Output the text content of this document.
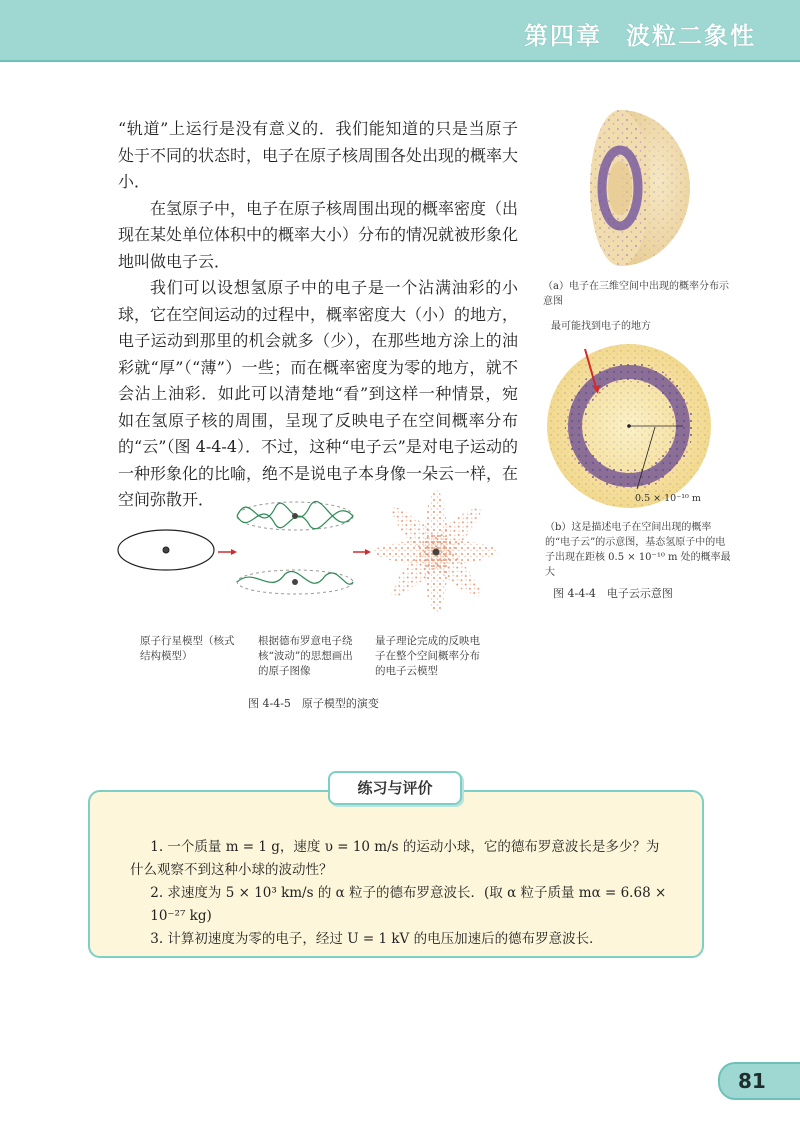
第四章 波粒二象性

“轨道”上运行是没有意义的．我们能知道的只是当原子处于不同的状态时，电子在原子核周围各处出现的概率大小．

在氢原子中，电子在原子核周围出现的概率密度（出现在某处单位体积中的概率大小）分布的情况就被形象化地叫做电子云．

我们可以设想氢原子中的电子是一个沾满油彩的小球，它在空间运动的过程中，概率密度大（小）的地方，电子运动到那里的机会就多（少），在那些地方涂上的油彩就“厚”（“薄”）一些；而在概率密度为零的地方，就不会沾上油彩．如此可以清楚地“看”到这样一种情景，宛如在氢原子核的周围，呈现了反映电子在空间概率分布的“云”（图 4-4-4）．不过，这种“电子云”是对电子运动的一种形象化的比喻，绝不是说电子本身像一朵云一样，在空间弥散开．

（a）电子在三维空间中出现的概率分布示意图
最可能找到电子的地方
0.5 × 10⁻¹⁰ m
（b）这是描述电子在空间出现的概率的“电子云”的示意图，基态氢原子中的电子出现在距核 0.5 × 10⁻¹⁰ m 处的概率最大
图 4-4-4　电子云示意图
原子行星模型（核式结构模型）
根据德布罗意电子绕核“波动”的思想画出的原子图像
量子理论完成的反映电子在整个空间概率分布的电子云模型
图 4-4-5　原子模型的演变
练习与评价

1. 一个质量 m = 1 g，速度 υ = 10 m/s 的运动小球，它的德布罗意波长是多少？为什么观察不到这种小球的波动性？

2. 求速度为 5 × 10³ km/s 的 α 粒子的德布罗意波长．(取 α 粒子质量 mα = 6.68 × 10⁻²⁷ kg)

3. 计算初速度为零的电子，经过 U = 1 kV 的电压加速后的德布罗意波长．

81
